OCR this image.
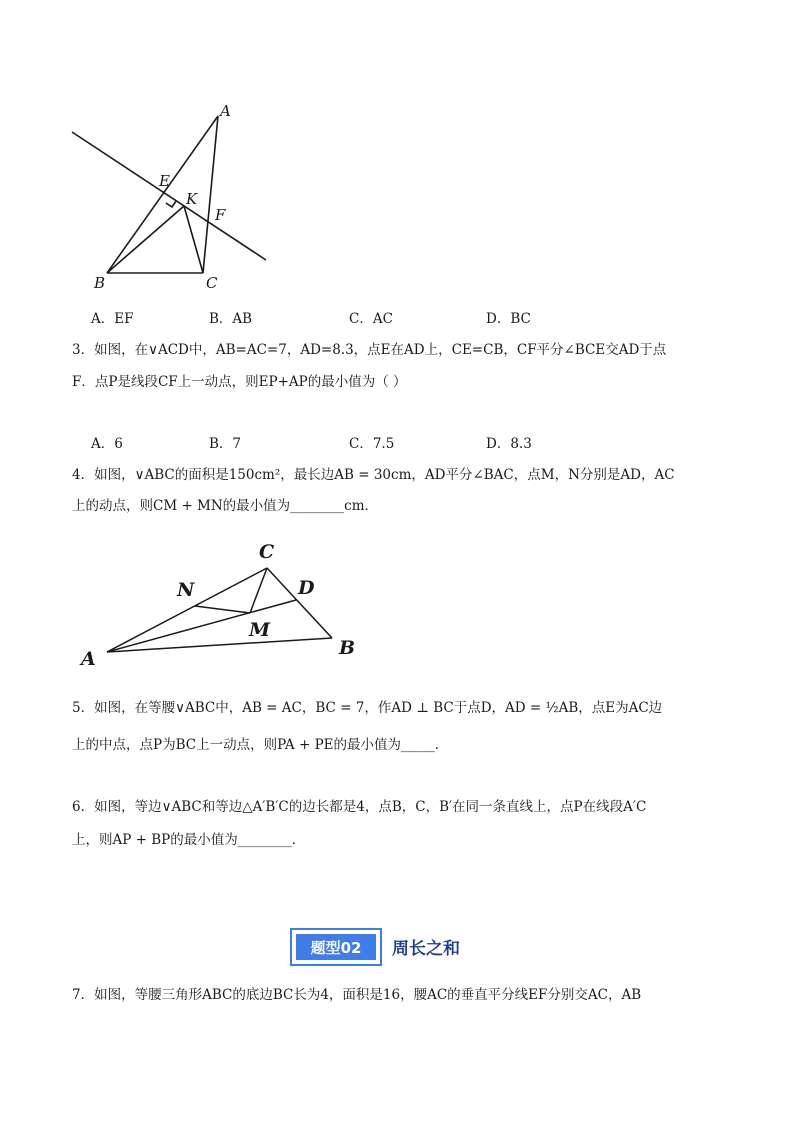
A
E
K
F
B	C
A．EF	B．AB	C．AC	D．BC
3．如图，在∨ACD中，AB=AC=7，AD=8.3，点E在AD上，CE=CB，CF平分∠BCE交AD于点
F．点P是线段CF上一动点，则EP+AP的最小值为（ ）
A．6	B．7	C．7.5	D．8.3
4．如图，∨ABC的面积是150cm²，最长边AB = 30cm，AD平分∠BAC，点M，N分别是AD，AC
上的动点，则CM + MN的最小值为________cm．
C
N	D
M
A	B
5．如图，在等腰∨ABC中，AB = AC，BC = 7，作AD ⊥ BC于点D，AD = ½AB，点E为AC边
上的中点，点P为BC上一动点，则PA + PE的最小值为_____．
6．如图，等边∨ABC和等边△A′B′C的边长都是4，点B，C，B′在同一条直线上，点P在线段A′C
上，则AP + BP的最小值为________．
题型02	周长之和
7．如图，等腰三角形ABC的底边BC长为4，面积是16，腰AC的垂直平分线EF分别交AC，AB
